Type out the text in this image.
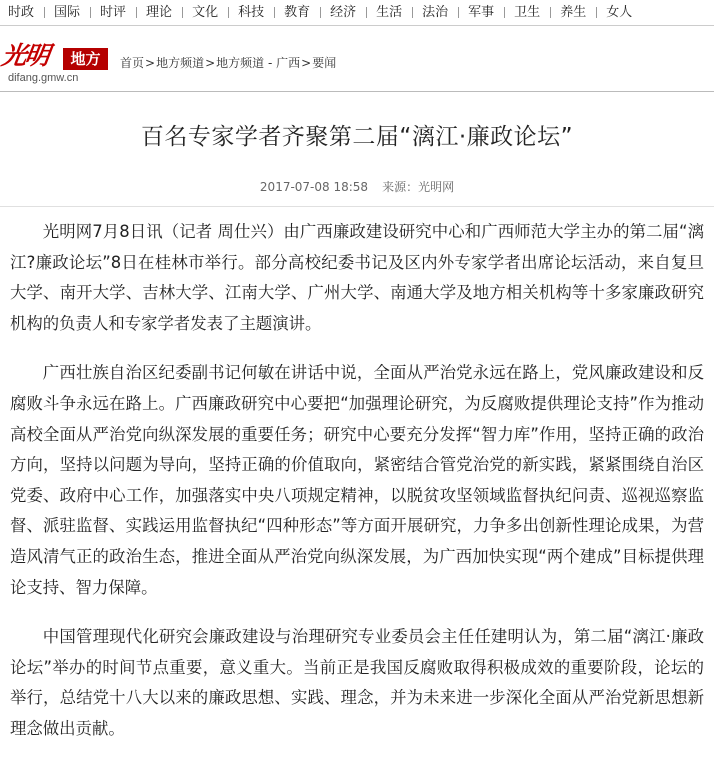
时政	国际	时评	理论	文化	科技	教育	经济	生活	法治	军事	卫生	养生	女人
光明	地方
difang.gmw.cn
首页 > 地方频道 > 地方频道 - 广西 > 要闻
百名专家学者齐聚第二届“漓江·廉政论坛”
2017-07-08 18:58 来源：光明网

光明网7月8日讯（记者 周仕兴）由广西廉政建设研究中心和广西师范大学主办的第二届“漓江?廉政论坛”8日在桂林市举行。部分高校纪委书记及区内外专家学者出席论坛活动，来自复旦大学、南开大学、吉林大学、江南大学、广州大学、南通大学及地方相关机构等十多家廉政研究机构的负责人和专家学者发表了主题演讲。

广西壮族自治区纪委副书记何敏在讲话中说，全面从严治党永远在路上，党风廉政建设和反腐败斗争永远在路上。广西廉政研究中心要把“加强理论研究，为反腐败提供理论支持”作为推动高校全面从严治党向纵深发展的重要任务；研究中心要充分发挥“智力库”作用，坚持正确的政治方向，坚持以问题为导向，坚持正确的价值取向，紧密结合管党治党的新实践，紧紧围绕自治区党委、政府中心工作，加强落实中央八项规定精神，以脱贫攻坚领域监督执纪问责、巡视巡察监督、派驻监督、实践运用监督执纪“四种形态”等方面开展研究，力争多出创新性理论成果，为营造风清气正的政治生态，推进全面从严治党向纵深发展，为广西加快实现“两个建成”目标提供理论支持、智力保障。

中国管理现代化研究会廉政建设与治理研究专业委员会主任任建明认为，第二届“漓江·廉政论坛”举办的时间节点重要，意义重大。当前正是我国反腐败取得积极成效的重要阶段，论坛的举行，总结党十八大以来的廉政思想、实践、理念，并为未来进一步深化全面从严治党新思想新理念做出贡献。
